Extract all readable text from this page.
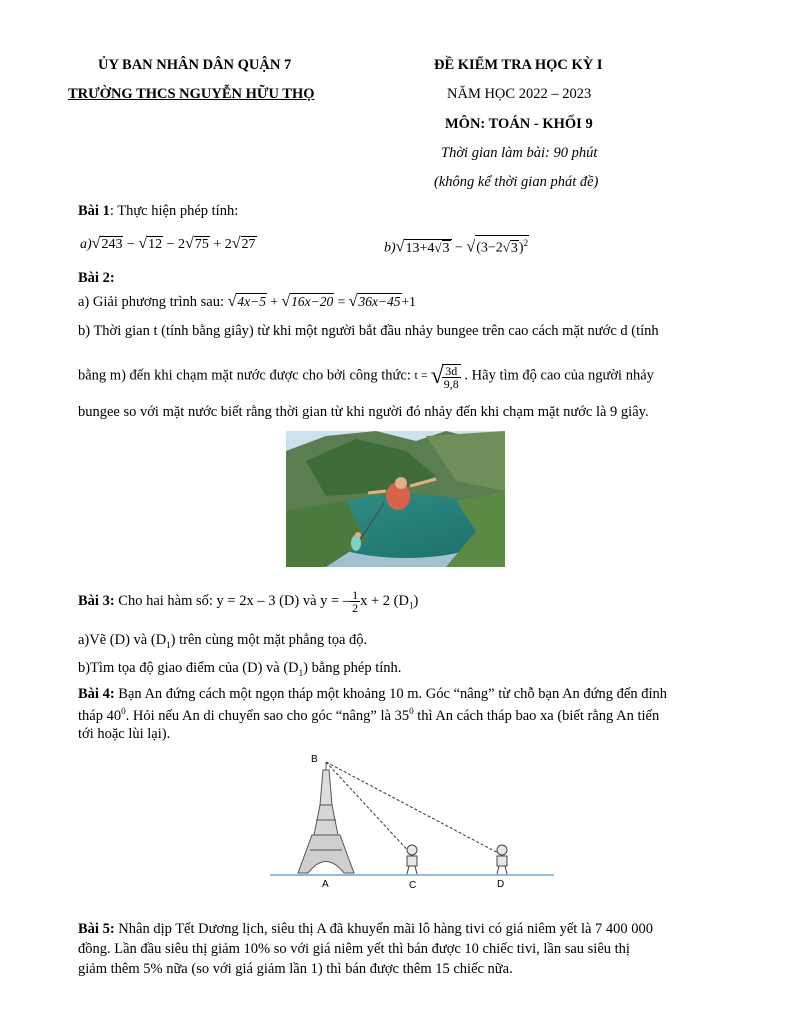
ỦY BAN NHÂN DÂN QUẬN 7
TRƯỜNG THCS NGUYỄN HỮU THỌ
ĐỀ KIỂM TRA HỌC KỲ I
NĂM HỌC 2022 – 2023
MÔN: TOÁN - KHỐI 9
Thời gian làm bài: 90 phút
(không kể thời gian phát đề)
Bài 1: Thực hiện phép tính:
a)√243 − √12 − 2√75 + 2√27	$b)√13+4√3 - √(3-2√3)^2$
Bài 2:
a) Giải phương trình sau: √4x−5 + √16x−20 = √36x−45+1
b) Thời gian t (tính bằng giây) từ khi một người bắt đầu nhảy bungee trên cao cách mặt nước d (tính
bằng m) đến khi chạm mặt nước được cho bởi công thức: t = √
$\frac{3d}{9,8}$ . Hãy tìm độ cao của người nhảy
bungee so với mặt nước biết rằng thời gian từ khi người đó nhảy đến khi chạm mặt nước là 9 giây.
Bài 3: Cho hai hàm số: y = 2x – 3 (D) và y = – $\frac{1}{2}$ x + 2 $(D_1)$
a)Vẽ (D) và $(D_1)$ trên cùng một mặt phẳng tọa độ.
b)Tìm tọa độ giao điểm của (D) và $(D_1)$ bằng phép tính.
Bài 4: Bạn An đứng cách một ngọn tháp một khoảng 10 m. Góc “nâng” từ chỗ bạn An đứng đến đỉnh
tháp $40^0$. Hỏi nếu An di chuyển sao cho góc “nâng” là $35^0$ thì An cách tháp bao xa (biết rằng An tiến
tới hoặc lùi lại).
B
A	C	D
Bài 5: Nhân dịp Tết Dương lịch, siêu thị A đã khuyến mãi lô hàng tivi có giá niêm yết là 7 400 000
đồng. Lần đầu siêu thị giảm 10% so với giá niêm yết thì bán được 10 chiếc tivi, lần sau siêu thị
giảm thêm 5% nữa (so với giá giảm lần 1) thì bán được thêm 15 chiếc nữa.
